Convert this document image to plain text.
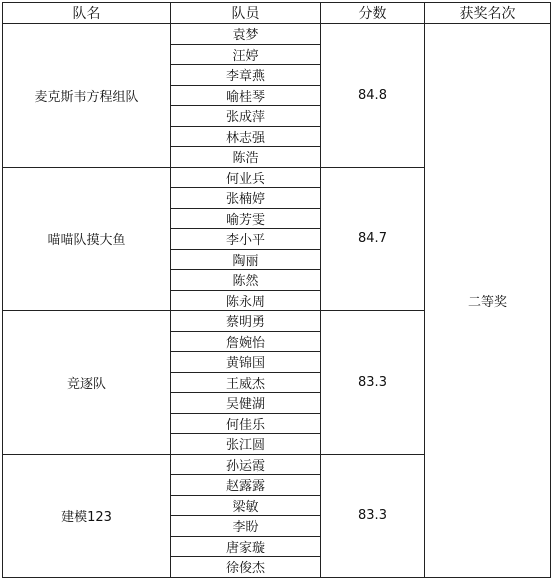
队名	队员	分数	获奖名次
麦克斯韦方程组队	袁梦	84.8	二等奖
	汪婷		
	李章燕		
	喻桂琴		
	张成萍		
	林志强		
	陈浩		
喵喵队摸大鱼	何业兵	84.7	
	张楠婷		
	喻芳雯		
	李小平		
	陶丽		
	陈然		
	陈永周		
竞逐队	蔡明勇	83.3	
	詹婉怡		
	黄锦国		
	王威杰		
	吴健湖		
	何佳乐		
	张江圆		
建模123	孙运霞	83.3	
	赵露露		
	梁敏		
	李盼		
	唐家璇		
	徐俊杰		
